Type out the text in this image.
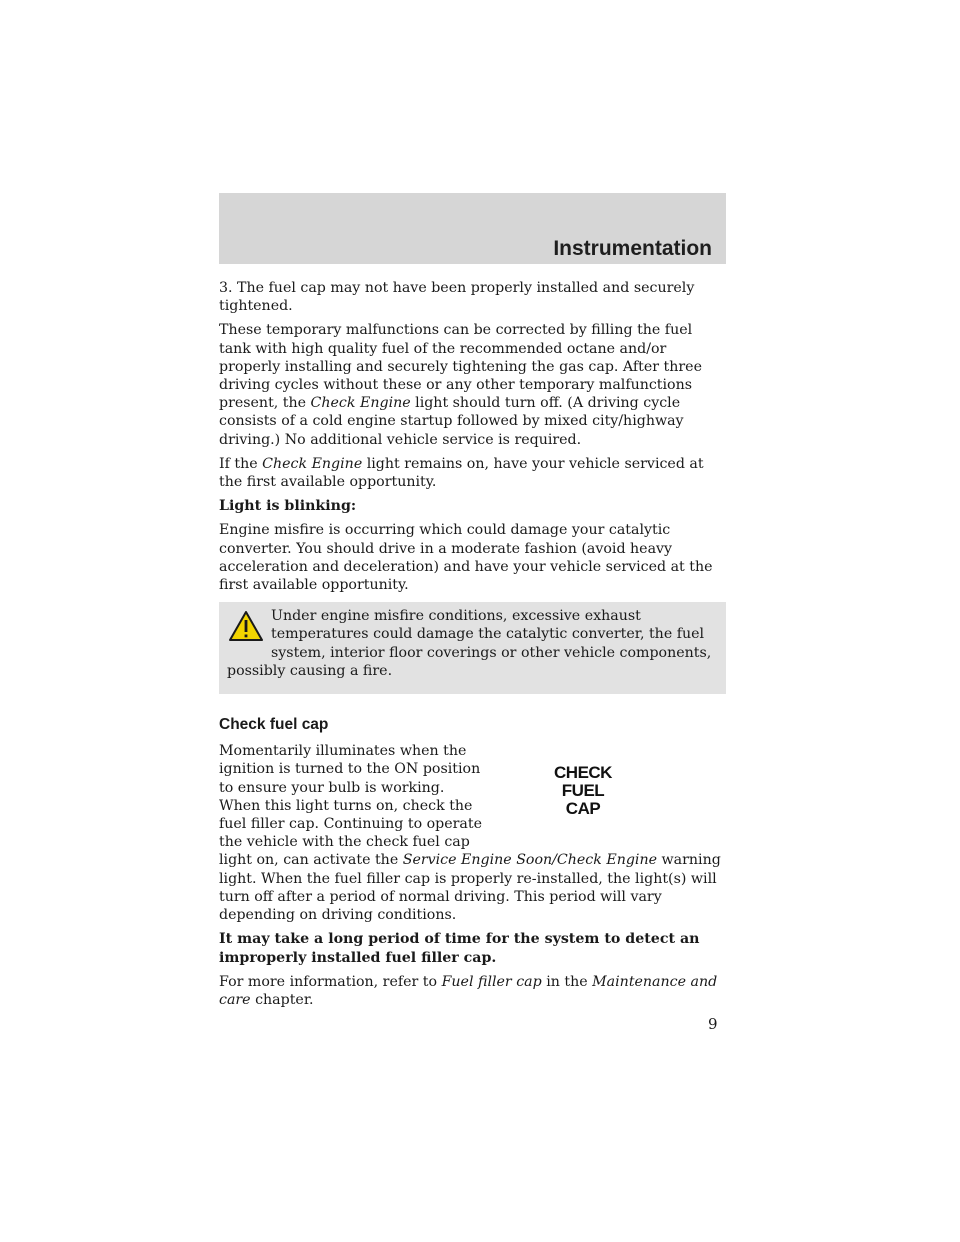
Instrumentation

3. The fuel cap may not have been properly installed and securely tightened.

These temporary malfunctions can be corrected by filling the fuel tank with high quality fuel of the recommended octane and/or properly installing and securely tightening the gas cap. After three driving cycles without these or any other temporary malfunctions present, the Check Engine light should turn off. (A driving cycle consists of a cold engine startup followed by mixed city/highway driving.) No additional vehicle service is required.

If the Check Engine light remains on, have your vehicle serviced at the first available opportunity.

Light is blinking:

Engine misfire is occurring which could damage your catalytic converter. You should drive in a moderate fashion (avoid heavy acceleration and deceleration) and have your vehicle serviced at the first available opportunity.

Under engine misfire conditions, excessive exhaust temperatures could damage the catalytic converter, the fuel system, interior floor coverings or other vehicle components, possibly causing a fire.

Check fuel cap
CHECK
FUEL
CAP

Momentarily illuminates when the ignition is turned to the ON position to ensure your bulb is working. When this light turns on, check the fuel filler cap. Continuing to operate the vehicle with the check fuel cap light on, can activate the Service Engine Soon/Check Engine warning light. When the fuel filler cap is properly re-installed, the light(s) will turn off after a period of normal driving. This period will vary depending on driving conditions.

It may take a long period of time for the system to detect an improperly installed fuel filler cap.

For more information, refer to Fuel filler cap in the Maintenance and care chapter.

9
